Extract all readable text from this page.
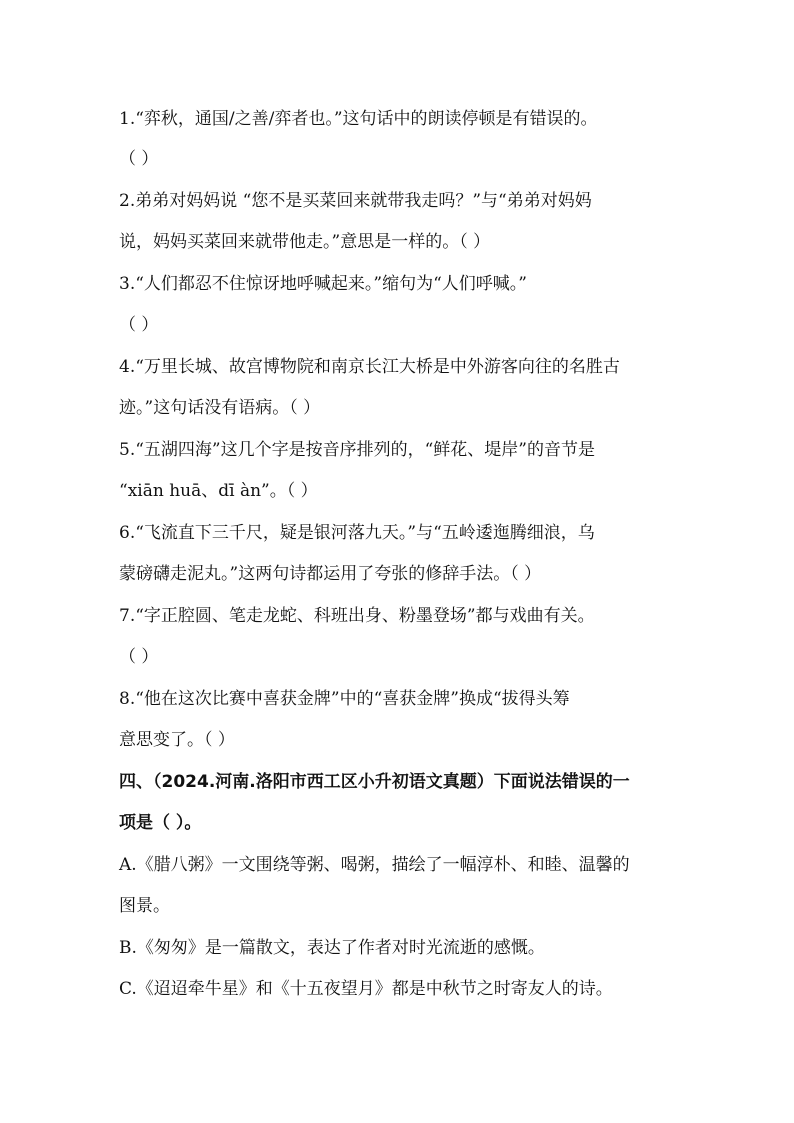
1.“弈秋，通国/之善/弈者也。”这句话中的朗读停顿是有错误的。
（ ）
2.弟弟对妈妈说 “您不是买菜回来就带我走吗？”与“弟弟对妈妈
说，妈妈买菜回来就带他走。”意思是一样的。（ ）
3.“人们都忍不住惊讶地呼喊起来。”缩句为“人们呼喊。”
（ ）
4.“万里长城、故宫博物院和南京长江大桥是中外游客向往的名胜古
迹。”这句话没有语病。（ ）
5.“五湖四海”这几个字是按音序排列的，“鲜花、堤岸”的音节是
“xiān huā、dī àn”。（ ）
6.“飞流直下三千尺，疑是银河落九天。”与“五岭逶迤腾细浪，乌
蒙磅礴走泥丸。”这两句诗都运用了夸张的修辞手法。（ ）
7.“字正腔圆、笔走龙蛇、科班出身、粉墨登场”都与戏曲有关。
（ ）
8.“他在这次比赛中喜获金牌”中的“喜获金牌”换成“拔得头筹
意思变了。（ ）
四、（2024.河南.洛阳市西工区小升初语文真题）下面说法错误的一
项是（ ）。
A.《腊八粥》一文围绕等粥、喝粥，描绘了一幅淳朴、和睦、温馨的
图景。
B.《匆匆》是一篇散文，表达了作者对时光流逝的感慨。
C.《迢迢牵牛星》和《十五夜望月》都是中秋节之时寄友人的诗。
